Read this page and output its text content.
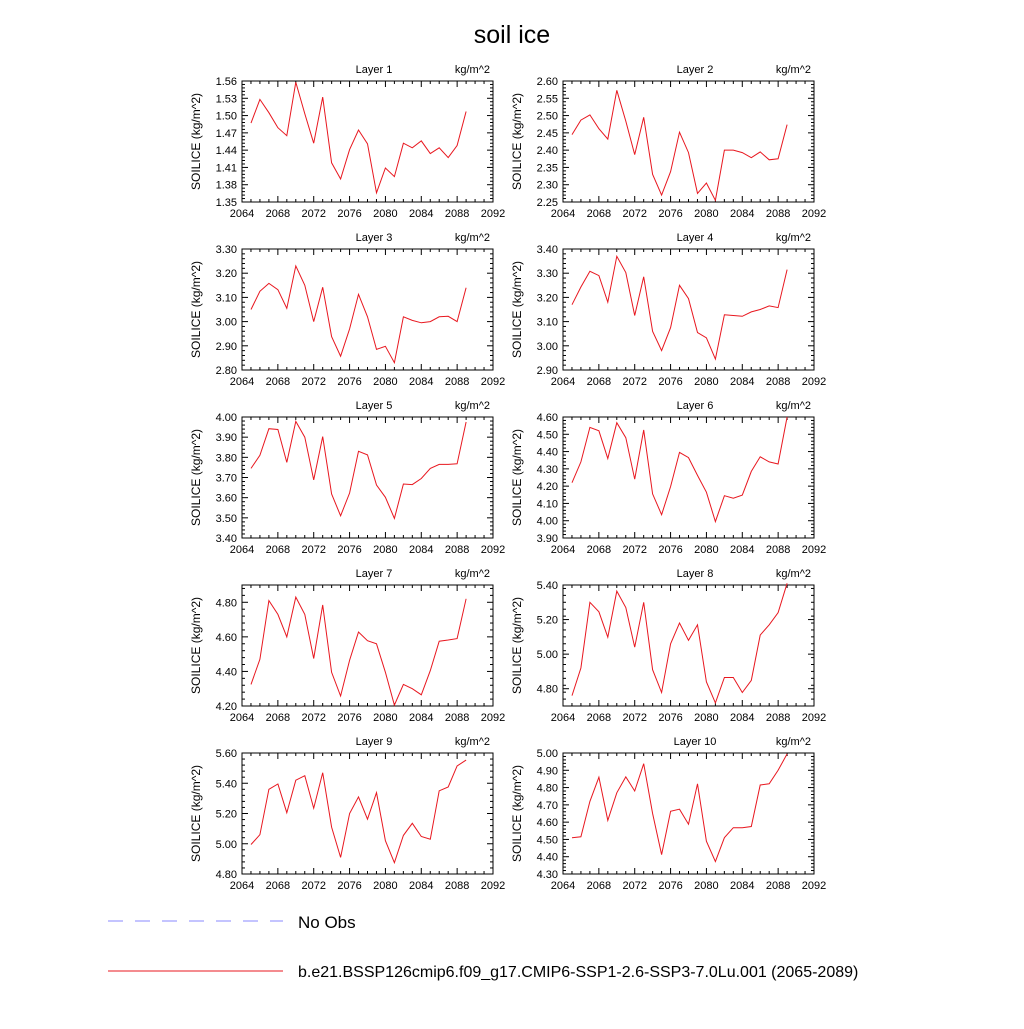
soil ice
Layer 1	kg/m^2
SOILICE (kg/m^2)
2064 2068 2072 2076 2080 2084 2088 2092
1.35
1.38
1.41
1.44
1.47
1.50
1.53
1.56
Layer 2	kg/m^2
SOILICE (kg/m^2)
2064 2068 2072 2076 2080 2084 2088 2092
2.25
2.30
2.35
2.40
2.45
2.50
2.55
2.60
Layer 3	kg/m^2
SOILICE (kg/m^2)
2064 2068 2072 2076 2080 2084 2088 2092
2.80
2.90
3.00
3.10
3.20
3.30
Layer 4	kg/m^2
SOILICE (kg/m^2)
2064 2068 2072 2076 2080 2084 2088 2092
2.90
3.00
3.10
3.20
3.30
3.40
Layer 5	kg/m^2
SOILICE (kg/m^2)
2064 2068 2072 2076 2080 2084 2088 2092
3.40
3.50
3.60
3.70
3.80
3.90
4.00
Layer 6	kg/m^2
SOILICE (kg/m^2)
2064 2068 2072 2076 2080 2084 2088 2092
3.90
4.00
4.10
4.20
4.30
4.40
4.50
4.60
Layer 7	kg/m^2
SOILICE (kg/m^2)
2064 2068 2072 2076 2080 2084 2088 2092
4.20
4.40
4.60
4.80
Layer 8	kg/m^2
SOILICE (kg/m^2)
2064 2068 2072 2076 2080 2084 2088 2092
4.80
5.00
5.20
5.40
Layer 9	kg/m^2
SOILICE (kg/m^2)
2064 2068 2072 2076 2080 2084 2088 2092
4.80
5.00
5.20
5.40
5.60
Layer 10	kg/m^2
SOILICE (kg/m^2)
2064 2068 2072 2076 2080 2084 2088 2092
4.30
4.40
4.50
4.60
4.70
4.80
4.90
5.00
No Obs
b.e21.BSSP126cmip6.f09_g17.CMIP6-SSP1-2.6-SSP3-7.0Lu.001 (2065-2089)
